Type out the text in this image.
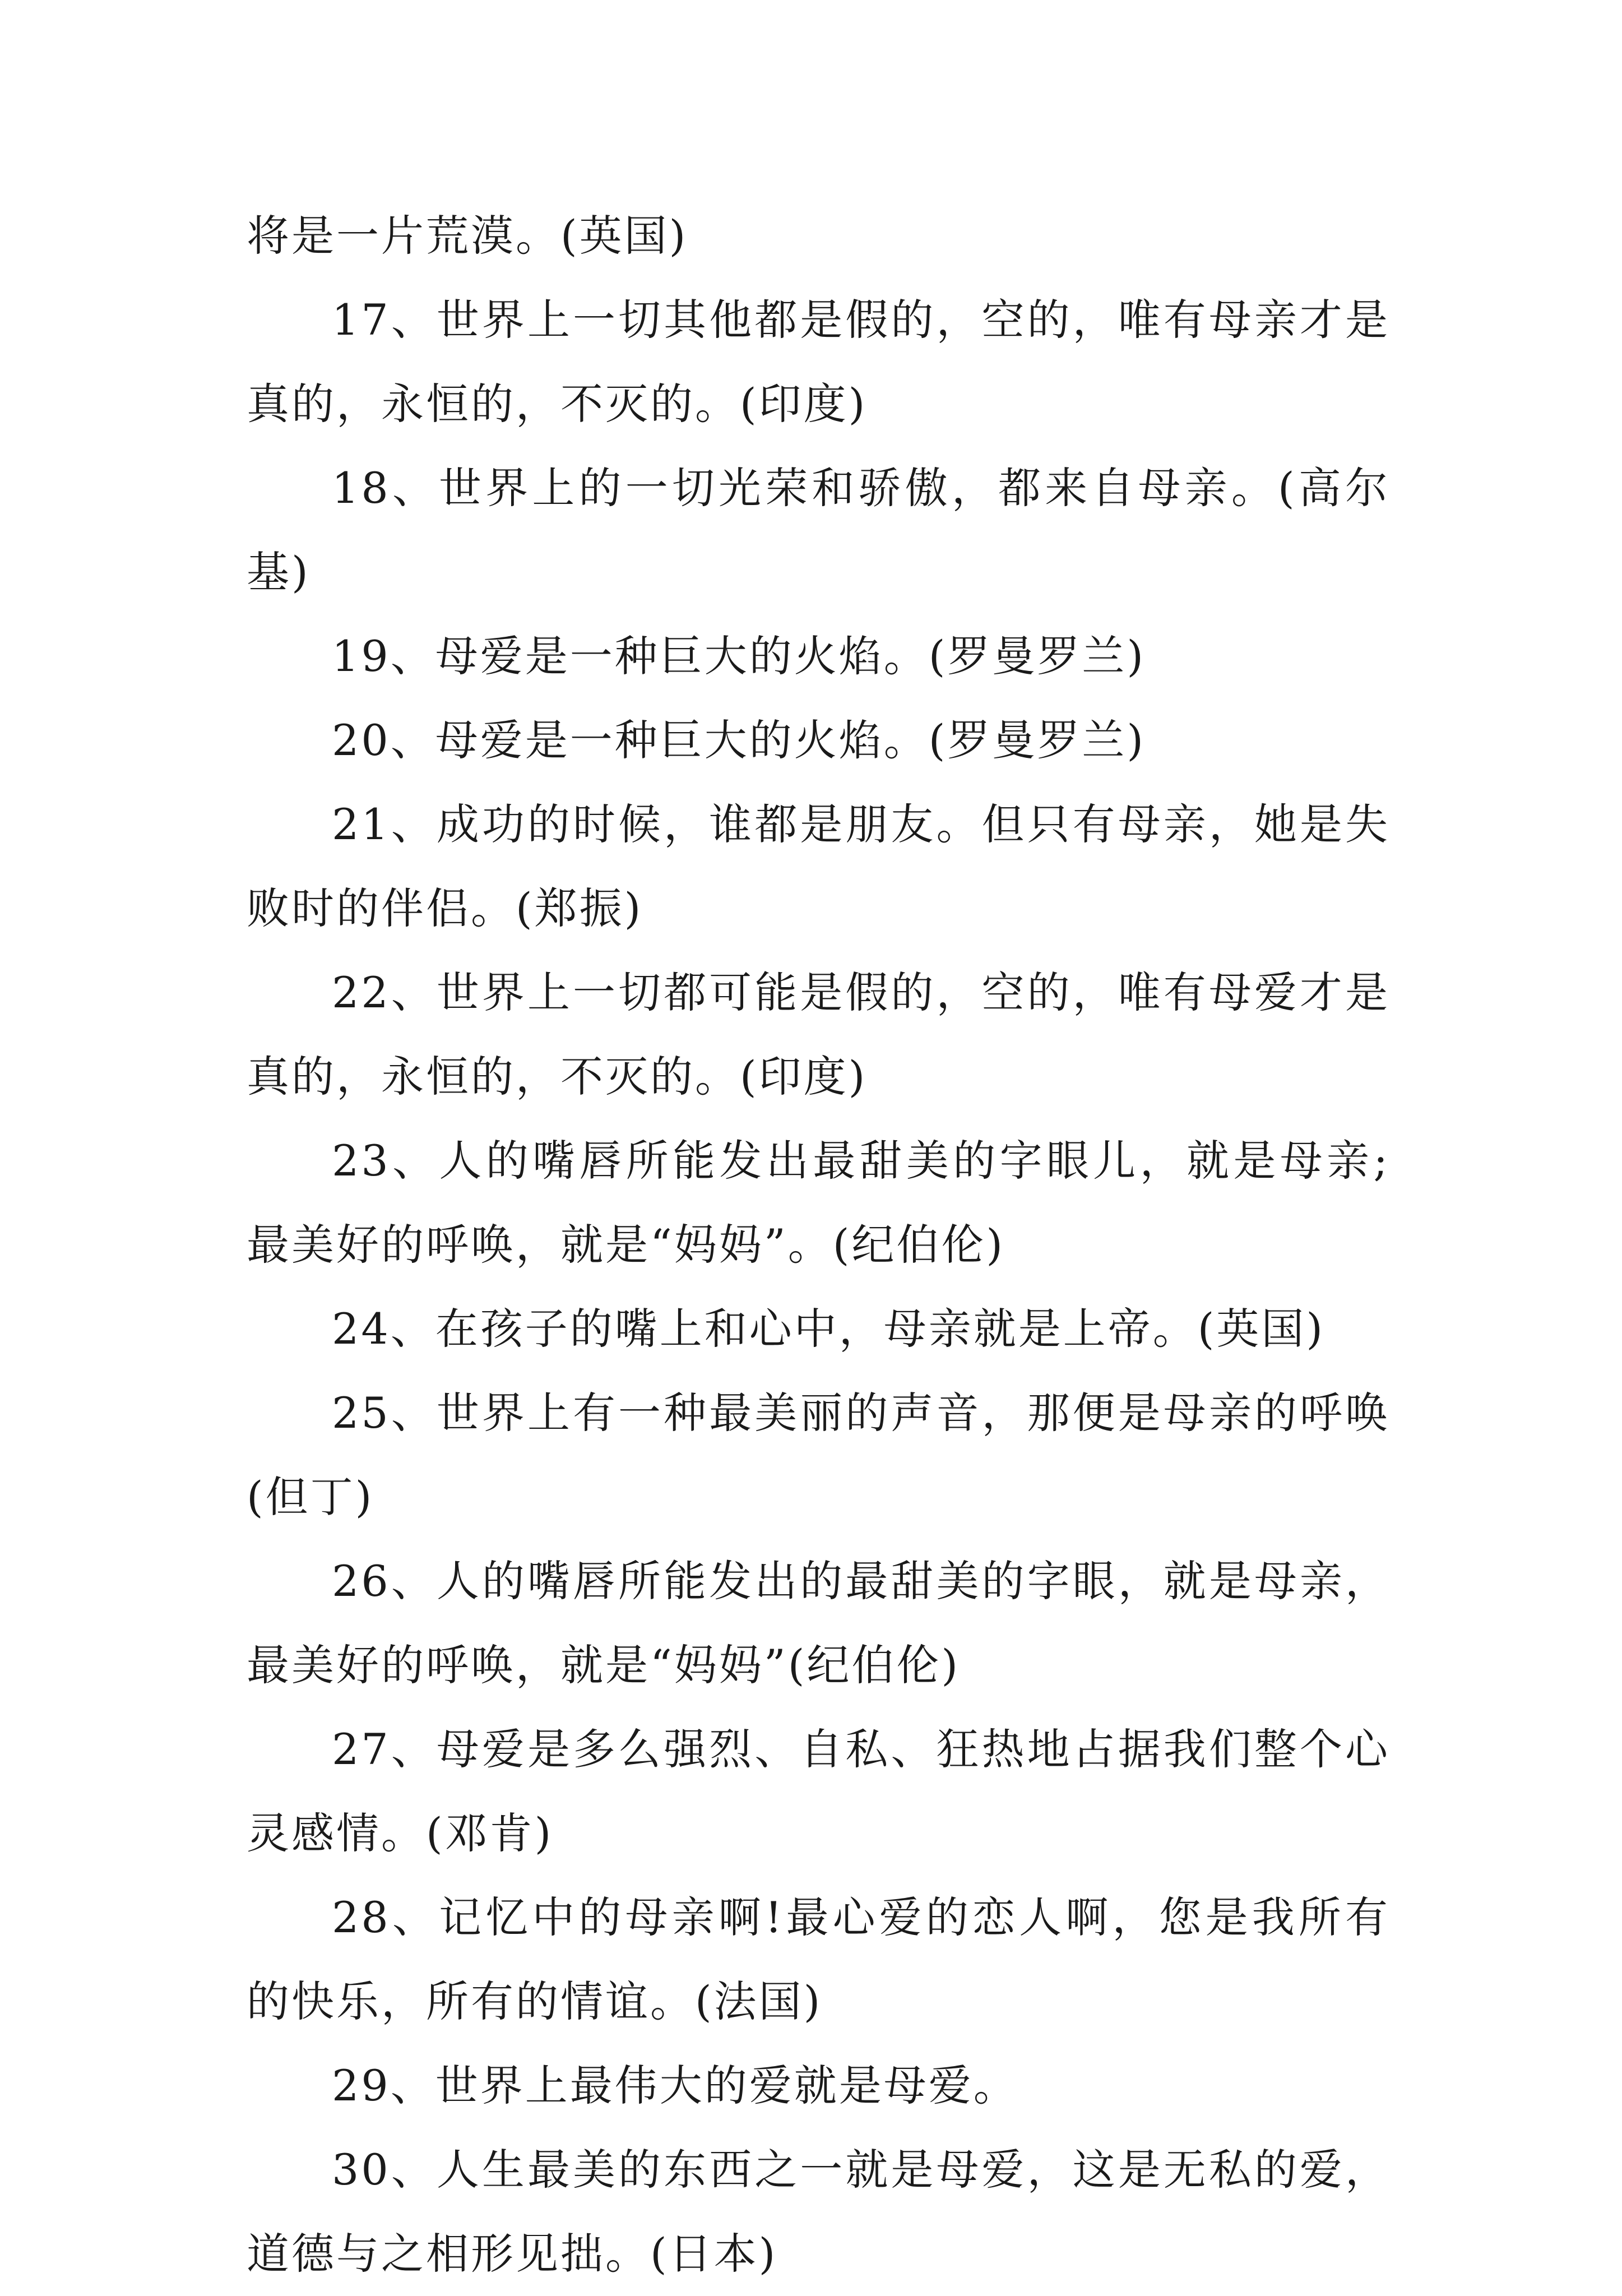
将是一片荒漠。(英国)

17、世界上一切其他都是假的，空的，唯有母亲才是真的，永恒的，不灭的。(印度)

18、世界上的一切光荣和骄傲，都来自母亲。(高尔基)

19、母爱是一种巨大的火焰。(罗曼罗兰)

20、母爱是一种巨大的火焰。(罗曼罗兰)

21、成功的时候，谁都是朋友。但只有母亲，她是失败时的伴侣。(郑振)

22、世界上一切都可能是假的，空的，唯有母爱才是真的，永恒的，不灭的。(印度)

23、人的嘴唇所能发出最甜美的字眼儿，就是母亲;最美好的呼唤，就是“妈妈”。(纪伯伦)

24、在孩子的嘴上和心中，母亲就是上帝。(英国)

25、世界上有一种最美丽的声音，那便是母亲的呼唤(但丁)

26、人的嘴唇所能发出的最甜美的字眼，就是母亲，最美好的呼唤，就是“妈妈”(纪伯伦)

27、母爱是多么强烈、自私、狂热地占据我们整个心灵感情。(邓肯)

28、记忆中的母亲啊!最心爱的恋人啊，您是我所有的快乐，所有的情谊。(法国)

29、世界上最伟大的爱就是母爱。

30、人生最美的东西之一就是母爱，这是无私的爱，道德与之相形见拙。(日本)
